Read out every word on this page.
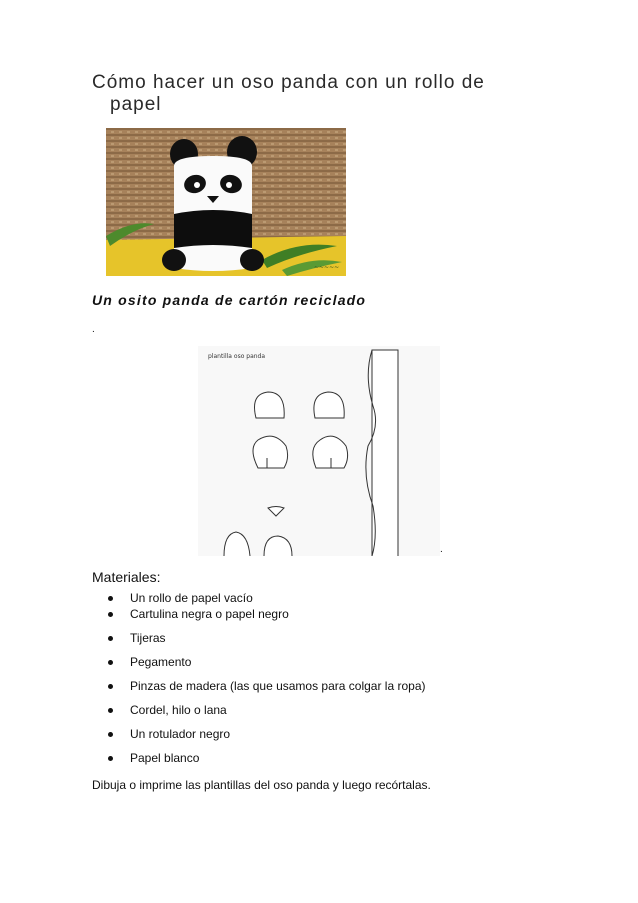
Cómo hacer un oso panda con un rollo de
papel
~~~~~
Un osito panda de cartón reciclado
.
plantilla oso panda
.
Materiales:
Un rollo de papel vacío
Cartulina negra o papel negro
Tijeras
Pegamento
Pinzas de madera (las que usamos para colgar la ropa)
Cordel, hilo o lana
Un rotulador negro
Papel blanco

Dibuja o imprime las plantillas del oso panda y luego recórtalas.
